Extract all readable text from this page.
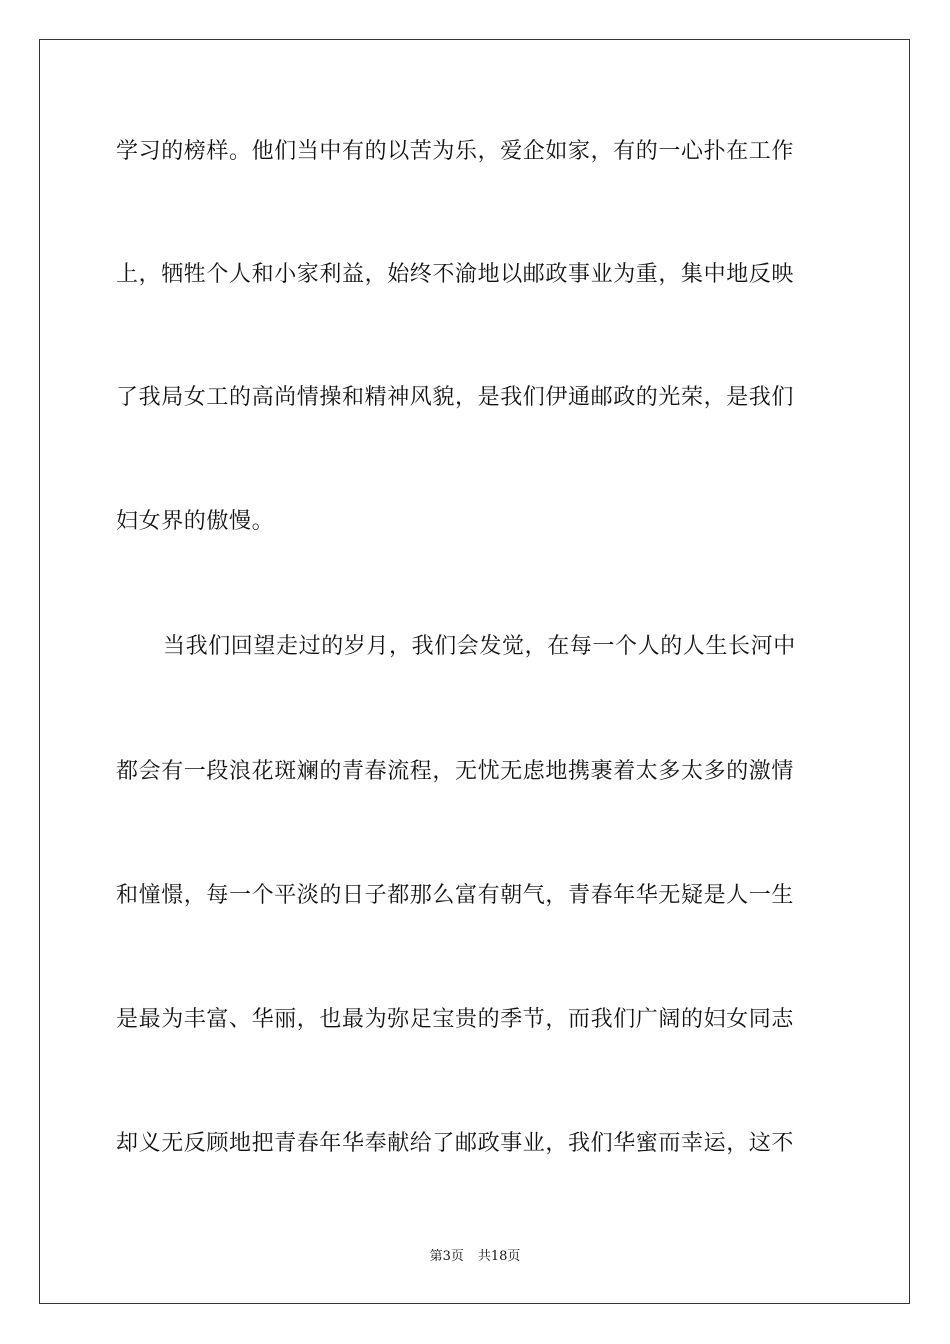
学习的榜样。他们当中有的以苦为乐，爱企如家，有的一心扑在工作
上，牺牲个人和小家利益，始终不渝地以邮政事业为重，集中地反映
了我局女工的高尚情操和精神风貌，是我们伊通邮政的光荣，是我们
妇女界的傲慢。
当我们回望走过的岁月，我们会发觉，在每一个人的人生长河中
都会有一段浪花斑斓的青春流程，无忧无虑地携裹着太多太多的激情
和憧憬，每一个平淡的日子都那么富有朝气，青春年华无疑是人一生
是最为丰富、华丽，也最为弥足宝贵的季节，而我们广阔的妇女同志
却义无反顾地把青春年华奉献给了邮政事业，我们华蜜而幸运，这不
第3页 共18页
